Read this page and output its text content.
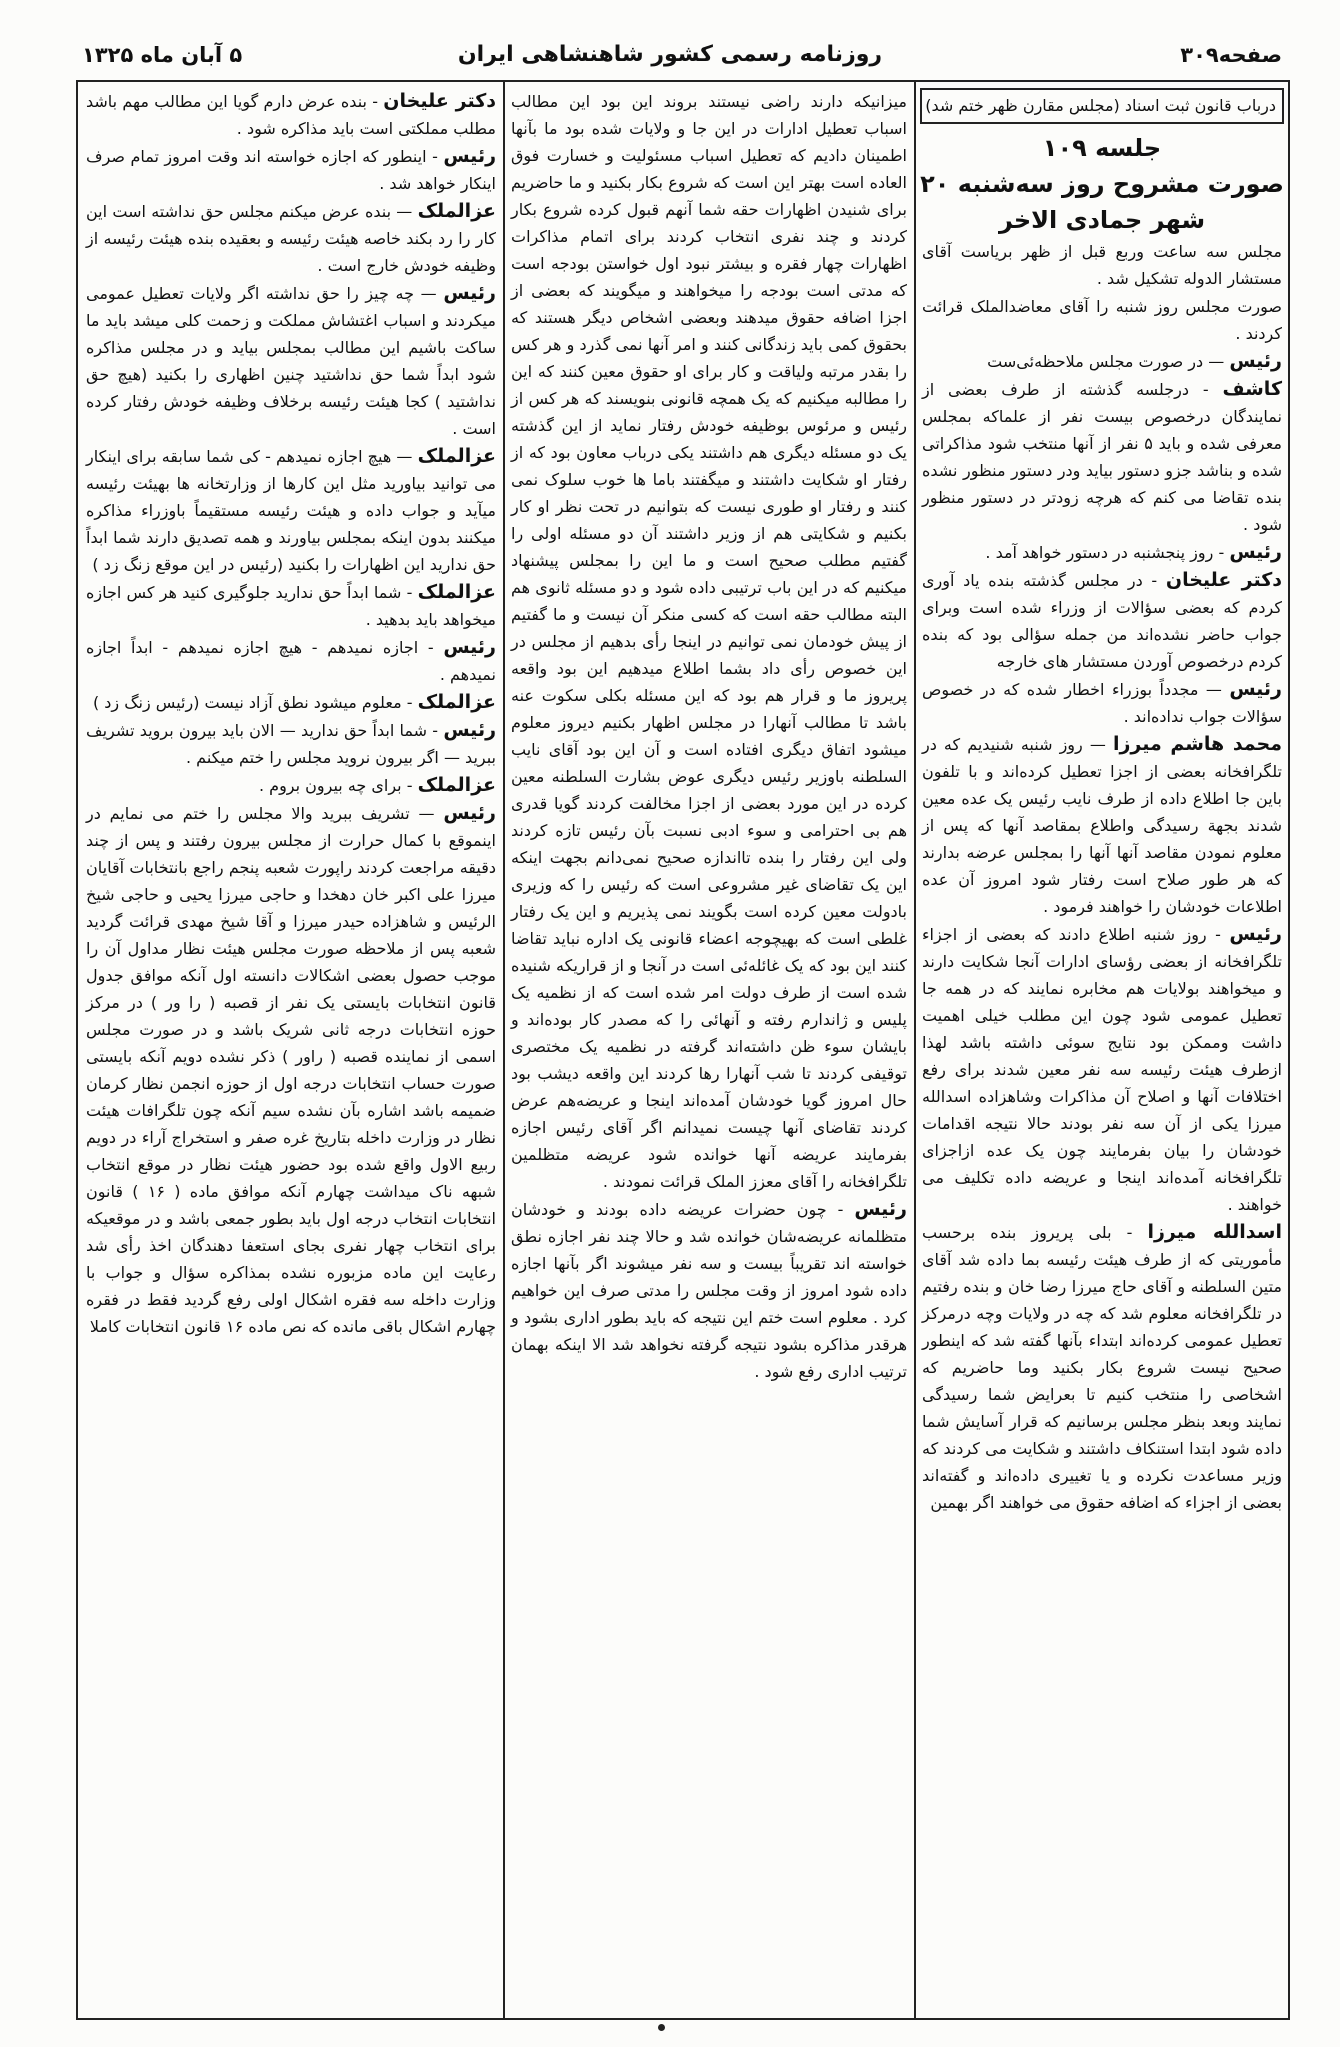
روزنامه رسمی کشور شاهنشاهی ایران	صفحه۳۰۹
۵ آبان ماه ۱۳۲۵
درباب قانون ثبت اسناد (مجلس مقارن ظهر ختم شد)
جلسه ۱۰۹
صورت مشروح روز سه‌شنبه ۲۰
شهر جمادی الاخر

مجلس سه ساعت وربع قبل از ظهر بریاست آقای مستشار الدوله تشکیل شد .

صورت مجلس روز شنبه را آقای معاضدالملک قرائت کردند .

رئیس — در صورت مجلس ملاحظه‌ئی‌ست

کاشف - درجلسه گذشته از طرف بعضی از نمایندگان درخصوص بیست نفر از علماکه بمجلس معرفی شده و باید ۵ نفر از آنها منتخب شود مذاکراتی شده و بناشد جزو دستور بیاید ودر دستور منظور نشده بنده تقاضا می کنم که هرچه زودتر در دستور منظور شود .

رئیس - روز پنجشنبه در دستور خواهد آمد .

دکتر علیخان - در مجلس گذشته بنده یاد آوری کردم که بعضی سؤالات از وزراء شده است وبرای جواب حاضر نشده‌اند من جمله سؤالی بود که بنده کردم درخصوص آوردن مستشار های خارجه

رئیس — مجدداً بوزراء اخطار شده که در خصوص سؤالات جواب نداده‌اند .

محمد هاشم میرزا — روز شنبه شنیدیم که در تلگرافخانه بعضی از اجزا تعطیل کرده‌اند و با تلفون باین جا اطلاع داده از طرف نایب رئیس یک عده معین شدند بجهة رسیدگی واطلاع بمقاصد آنها که پس از معلوم نمودن مقاصد آنها آنها را بمجلس عرضه بدارند که هر طور صلاح است رفتار شود امروز آن عده اطلاعات خودشان را خواهند فرمود .

رئیس - روز شنبه اطلاع دادند که بعضی از اجزاء تلگرافخانه از بعضی رؤسای ادارات آنجا شکایت دارند و میخواهند بولایات هم مخابره نمایند که در همه جا تعطیل عمومی شود چون این مطلب خیلی اهمیت داشت وممکن بود نتایج سوئی داشته باشد لهذا ازطرف هیئت رئیسه سه نفر معین شدند برای رفع اختلافات آنها و اصلاح آن مذاکرات وشاهزاده اسدالله میرزا یکی از آن سه نفر بودند حالا نتیجه اقدامات خودشان را بیان بفرمایند چون یک عده ازاجزای تلگرافخانه آمده‌اند اینجا و عریضه داده تکلیف می خواهند .

اسدالله میرزا - بلی پریروز بنده برحسب مأموریتی که از طرف هیئت رئیسه بما داده شد آقای متین السلطنه و آقای حاج میرزا رضا خان و بنده رفتیم در تلگرافخانه معلوم شد که چه در ولایات وچه درمرکز تعطیل عمومی کرده‌اند ابتداء بآنها گفته شد که اینطور صحیح نیست شروع بکار بکنید وما حاضریم که اشخاصی را منتخب کنیم تا بعرایض شما رسیدگی نمایند وبعد بنظر مجلس برسانیم که قرار آسایش شما داده شود ابتدا استنکاف داشتند و شکایت می کردند که وزیر مساعدت نکرده و یا تغییری داده‌اند و گفته‌اند بعضی از اجزاء که اضافه حقوق می خواهند اگر بهمین

میزانیکه دارند راضی نیستند بروند این بود این مطالب اسباب تعطیل ادارات در این جا و ولایات شده بود ما بآنها اطمینان دادیم که تعطیل اسباب مسئولیت و خسارت فوق العاده است بهتر این است که شروع بکار بکنید و ما حاضریم برای شنیدن اظهارات حقه شما آنهم قبول کرده شروع بکار کردند و چند نفری انتخاب کردند برای اتمام مذاکرات اظهارات چهار فقره و بیشتر نبود اول خواستن بودجه است که مدتی است بودجه را میخواهند و میگویند که بعضی از اجزا اضافه حقوق میدهند وبعضی اشخاص دیگر هستند که بحقوق کمی باید زندگانی کنند و امر آنها نمی گذرد و هر کس را بقدر مرتبه ولیاقت و کار برای او حقوق معین کنند که این را مطالبه میکنیم که یک همچه قانونی بنویسند که هر کس از رئیس و مرئوس بوظیفه خودش رفتار نماید از این گذشته یک دو مسئله دیگری هم داشتند یکی درباب معاون بود که از رفتار او شکایت داشتند و میگفتند باما ها خوب سلوک نمی کنند و رفتار او طوری نیست که بتوانیم در تحت نظر او کار بکنیم و شکایتی هم از وزیر داشتند آن دو مسئله اولی را گفتیم مطلب صحیح است و ما این را بمجلس پیشنهاد میکنیم که در این باب ترتیبی داده شود و دو مسئله ثانوی هم البته مطالب حقه است که کسی منکر آن نیست و ما گفتیم از پیش خودمان نمی توانیم در اینجا رأی بدهیم از مجلس در این خصوص رأی داد بشما اطلاع میدهیم این بود واقعه پریروز ما و قرار هم بود که این مسئله بکلی سکوت عنه باشد تا مطالب آنهارا در مجلس اظهار بکنیم دیروز معلوم میشود اتفاق دیگری افتاده است و آن این بود آقای نایب السلطنه باوزیر رئیس دیگری عوض بشارت السلطنه معین کرده در این مورد بعضی از اجزا مخالفت کردند گویا قدری هم بی احترامی و سوء ادبی نسبت بآن رئیس تازه کردند ولی این رفتار را بنده تااندازه صحیح نمی‌دانم بجهت اینکه این یک تقاضای غیر مشروعی است که رئیس را که وزیری بادولت معین کرده است بگویند نمی پذیریم و این یک رفتار غلطی است که بهیچوجه اعضاء قانونی یک اداره نباید تقاضا کنند این بود که یک غائله‌ئی است در آنجا و از قراریکه شنیده شده است از طرف دولت امر شده است که از نظمیه یک پلیس و ژاندارم رفته و آنهائی را که مصدر کار بوده‌اند و بایشان سوء ظن داشته‌اند گرفته در نظمیه یک مختصری توقیفی کردند تا شب آنهارا رها کردند این واقعه دیشب بود حال امروز گویا خودشان آمده‌اند اینجا و عریضه‌هم عرض کردند تقاضای آنها چیست نمیدانم اگر آقای رئیس اجازه بفرمایند عریضه آنها خوانده شود عریضه متظلمین تلگرافخانه را آقای معزز الملک قرائت نمودند .

رئیس - چون حضرات عریضه داده بودند و خودشان متظلمانه عریضه‌شان خوانده شد و حالا چند نفر اجازه نطق خواسته اند تقریباً بیست و سه نفر میشوند اگر بآنها اجازه داده شود امروز از وقت مجلس را مدتی صرف این خواهیم کرد . معلوم است ختم این نتیجه که باید بطور اداری بشود و هرقدر مذاکره بشود نتیجه گرفته نخواهد شد الا اینکه بهمان ترتیب اداری رفع شود .

دکتر علیخان - بنده عرض دارم گویا این مطالب مهم باشد مطلب مملکتی است باید مذاکره شود .

رئیس - اینطور که اجازه خواسته اند وقت امروز تمام صرف اینکار خواهد شد .

عزالملک — بنده عرض میکنم مجلس حق نداشته است این کار را رد بکند خاصه هیئت رئیسه و بعقیده بنده هیئت رئیسه از وظیفه خودش خارج است .

رئیس — چه چیز را حق نداشته اگر ولایات تعطیل عمومی میکردند و اسباب اغتشاش مملکت و زحمت کلی میشد باید ما ساکت باشیم این مطالب بمجلس بیاید و در مجلس مذاکره شود ابداً شما حق نداشتید چنین اظهاری را بکنید (هیچ حق نداشتید ) کجا هیئت رئیسه برخلاف وظیفه خودش رفتار کرده است .

عزالملک — هیچ اجازه نمیدهم - کی شما سابقه برای اینکار می توانید بیاورید مثل این کارها از وزارتخانه ها بهیئت رئیسه میآید و جواب داده و هیئت رئیسه مستقیماً باوزراء مذاکره میکنند بدون اینکه بمجلس بیاورند و همه تصدیق دارند شما ابداً حق ندارید این اظهارات را بکنید (رئیس در این موقع زنگ زد )

عزالملک - شما ابداً حق ندارید جلوگیری کنید هر کس اجازه میخواهد باید بدهید .

رئیس - اجازه نمیدهم - هیچ اجازه نمیدهم - ابداً اجازه نمیدهم .

عزالملک - معلوم میشود نطق آزاد نیست (رئیس زنگ زد )

رئیس - شما ابداً حق ندارید — الان باید بیرون بروید تشریف ببرید — اگر بیرون نروید مجلس را ختم میکنم .

عزالملک - برای چه بیرون بروم .

رئیس — تشریف ببرید والا مجلس را ختم می نمایم در اینموقع با کمال حرارت از مجلس بیرون رفتند و پس از چند دقیقه مراجعت کردند راپورت شعبه پنجم راجع بانتخابات آقایان میرزا علی اکبر خان دهخدا و حاجی میرزا یحیی و حاجی شیخ الرئیس و شاهزاده حیدر میرزا و آقا شیخ مهدی قرائت گردید شعبه پس از ملاحظه صورت مجلس هیئت نظار مداول آن را موجب حصول بعضی اشکالات دانسته اول آنکه موافق جدول قانون انتخابات بایستی یک نفر از قصبه ( را ور ) در مرکز حوزه انتخابات درجه ثانی شریک باشد و در صورت مجلس اسمی از نماینده قصبه ( راور ) ذکر نشده دویم آنکه بایستی صورت حساب انتخابات درجه اول از حوزه انجمن نظار کرمان ضمیمه باشد اشاره بآن نشده سیم آنکه چون تلگرافات هیئت نظار در وزارت داخله بتاریخ غره صفر و استخراج آراء در دویم ربیع الاول واقع شده بود حضور هیئت نظار در موقع انتخاب شبهه ناک میداشت چهارم آنکه موافق ماده ( ۱۶ ) قانون انتخابات انتخاب درجه اول باید بطور جمعی باشد و در موقعیکه برای انتخاب چهار نفری بجای استعفا دهندگان اخذ رأی شد رعایت این ماده مزبوره نشده بمذاکره سؤال و جواب با وزارت داخله سه فقره اشکال اولی رفع گردید فقط در فقره چهارم اشکال باقی مانده که نص ماده ۱۶ قانون انتخابات کاملا
